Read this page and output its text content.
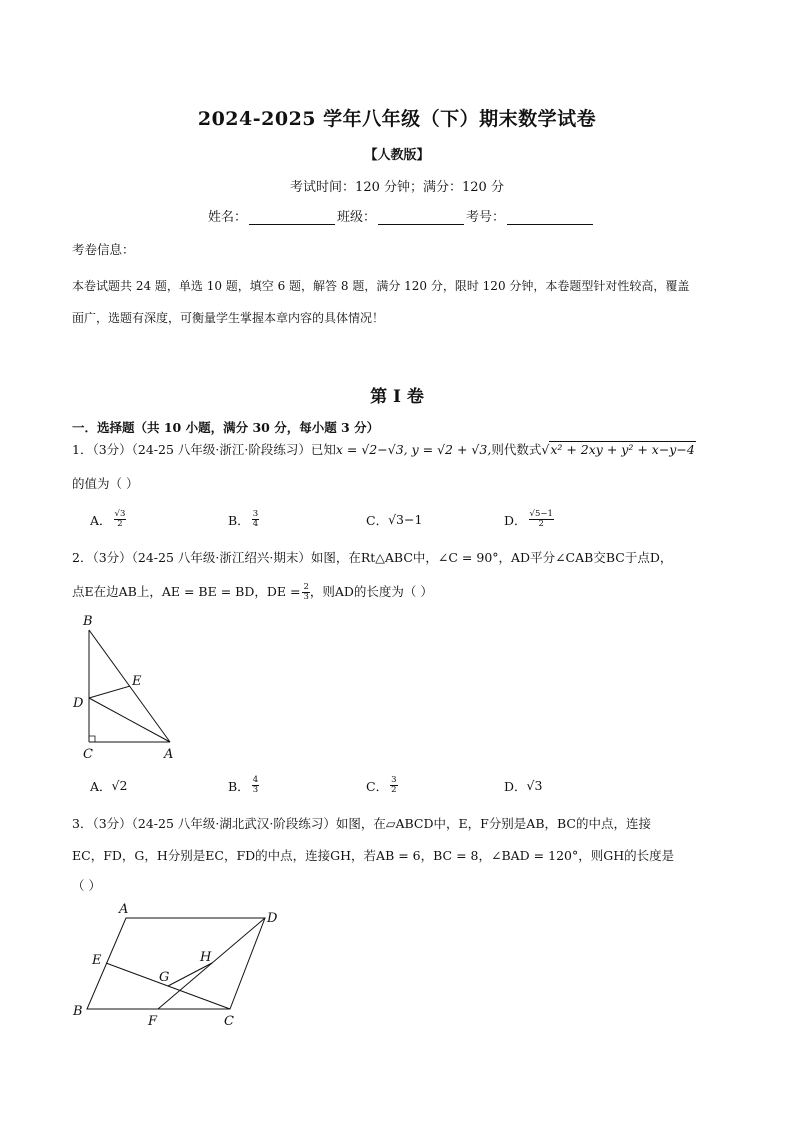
2024-2025 学年八年级（下）期末数学试卷
【人教版】
考试时间：120 分钟；满分：120 分
姓名：	班级：	考号：
考卷信息：
本卷试题共 24 题，单选 10 题，填空 6 题，解答 8 题，满分 120 分，限时 120 分钟，本卷题型针对性较高，覆盖
面广，选题有深度，可衡量学生掌握本章内容的具体情况！
第 I 卷
一．选择题（共 10 小题，满分 30 分，每小题 3 分）
1．（3分）（24-25 八年级·浙江·阶段练习）已知x = √2−√3, y = √2 + √3,则代数式√ x² + 2xy + y² + x−y−4
的值为（ ）
A． $\frac{√3}{2}$	B． $\frac{3}{4}$	C． √3−1	D． $\frac{√5-1}{2}$
2．（3分）（24-25 八年级·浙江绍兴·期末）如图，在Rt△ABC中，∠C = 90°，AD平分∠CAB交BC于点D，
点E在边AB上，AE = BE = BD，DE = $\frac{2}{3}$ ，则AD的长度为（ ）
B
E
D
C	A
A． √2	B． $\frac{4}{3}$	C． $\frac{3}{2}$	D． √3
3．（3分）（24-25 八年级·湖北武汉·阶段练习）如图，在▱ABCD中，E，F分别是AB，BC的中点，连接
EC，FD，G，H分别是EC，FD的中点，连接GH，若AB = 6，BC = 8，∠BAD = 120°，则GH的长度是
（ ）
A
D
E	H
G
B
F	C
